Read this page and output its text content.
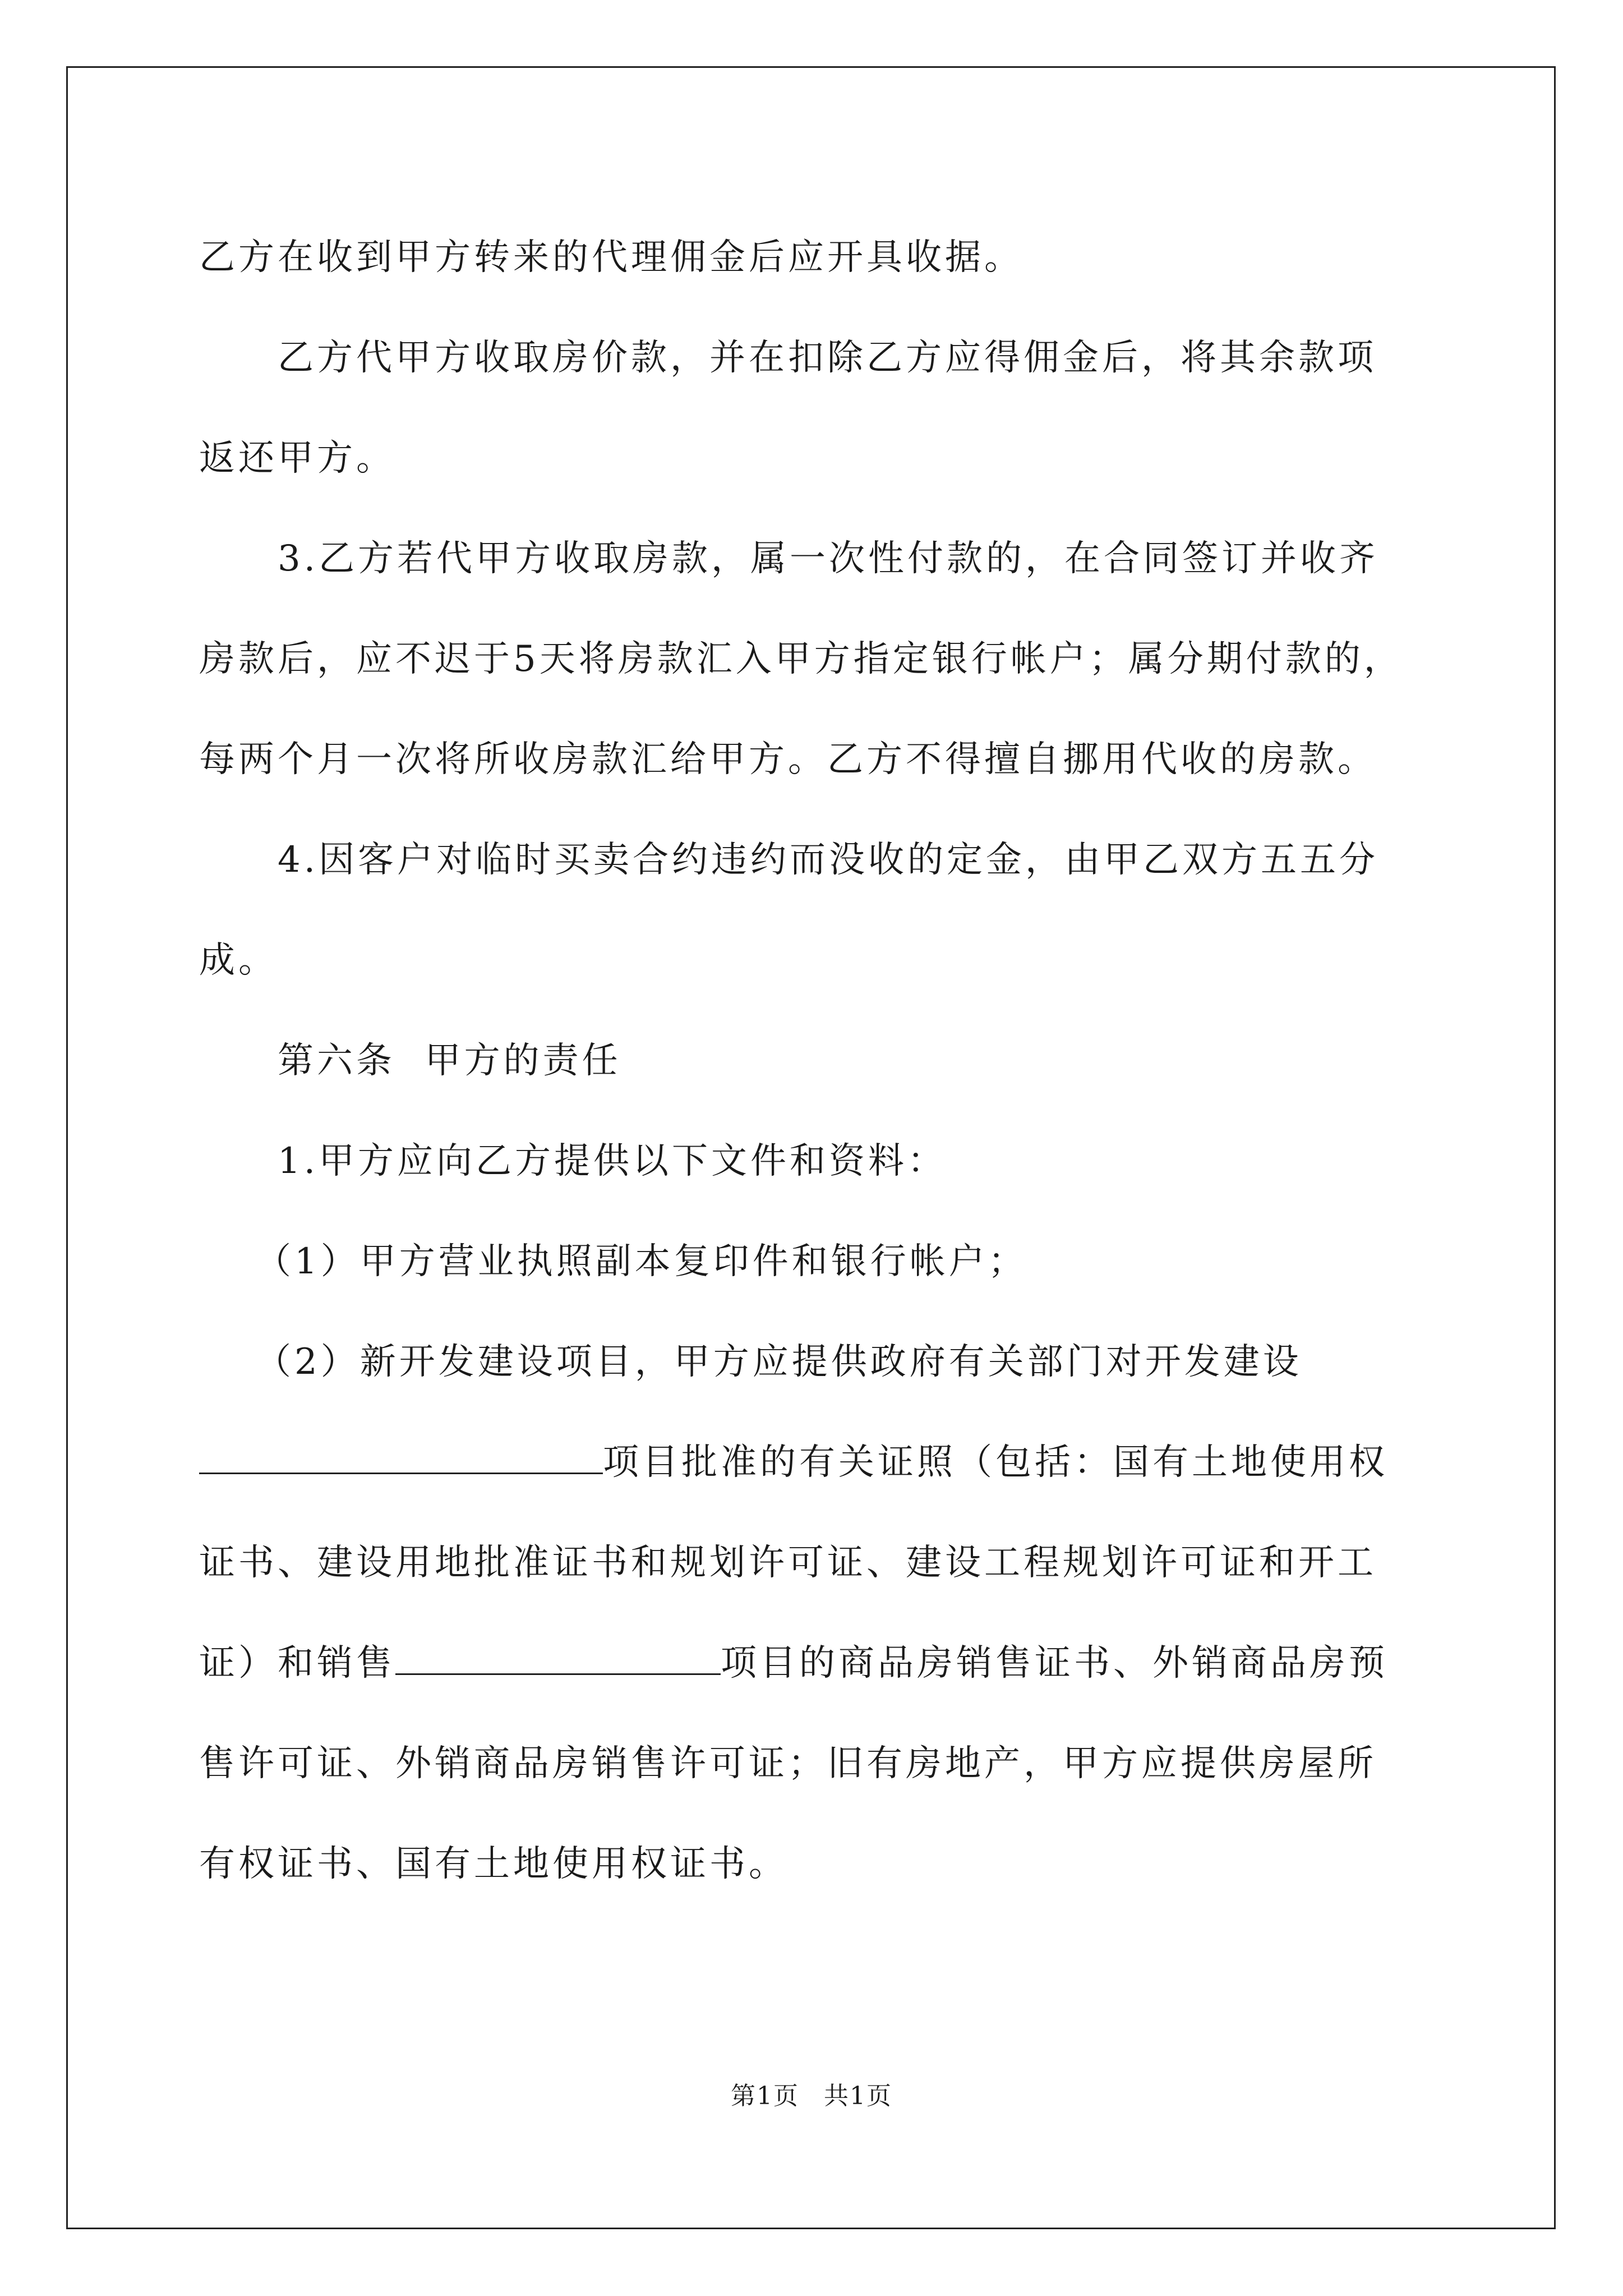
乙方在收到甲方转来的代理佣金后应开具收据。

乙方代甲方收取房价款，并在扣除乙方应得佣金后，将其余款项
返还甲方。

3.乙方若代甲方收取房款，属一次性付款的，在合同签订并收齐
房款后，应不迟于5天将房款汇入甲方指定银行帐户；属分期付款的，
每两个月一次将所收房款汇给甲方。乙方不得擅自挪用代收的房款。

4.因客户对临时买卖合约违约而没收的定金，由甲乙双方五五分
成。

第六条  甲方的责任

1.甲方应向乙方提供以下文件和资料：

（1）甲方营业执照副本复印件和银行帐户；

（2）新开发建设项目，甲方应提供政府有关部门对开发建设

项目批准的有关证照（包括：国有土地使用权
证书、建设用地批准证书和规划许可证、建设工程规划许可证和开工
证）和销售	项目的商品房销售证书、外销商品房预
售许可证、外销商品房销售许可证；旧有房地产，甲方应提供房屋所
有权证书、国有土地使用权证书。

第1页 共1页
